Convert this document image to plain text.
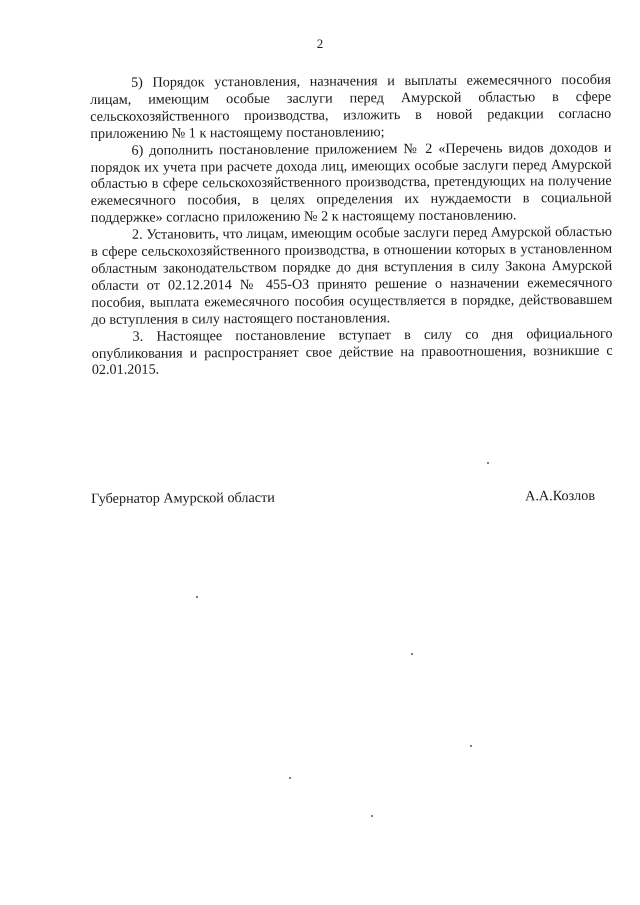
2

5) Порядок установления, назначения и выплаты ежемесячного пособия лицам, имеющим особые заслуги перед Амурской областью в сфере сельскохозяйственного производства, изложить в новой редакции согласно приложению № 1 к настоящему постановлению;

6) дополнить постановление приложением № 2 «Перечень видов доходов и порядок их учета при расчете дохода лиц, имеющих особые заслуги перед Амурской областью в сфере сельскохозяйственного производства, претендующих на получение ежемесячного пособия, в целях определения их нуждаемости в социальной поддержке» согласно приложению № 2 к настоящему постановлению.

2. Установить, что лицам, имеющим особые заслуги перед Амурской областью в сфере сельскохозяйственного производства, в отношении которых в установленном областным законодательством порядке до дня вступления в силу Закона Амурской области от 02.12.2014 № 455-ОЗ принято решение о назначении ежемесячного пособия, выплата ежемесячного пособия осуществляется в порядке, действовавшем до вступления в силу настоящего постановления.

3. Настоящее постановление вступает в силу со дня официального опубликования и распространяет свое действие на правоотношения, возникшие с 02.01.2015.

Губернатор Амурской области	А.А.Козлов
